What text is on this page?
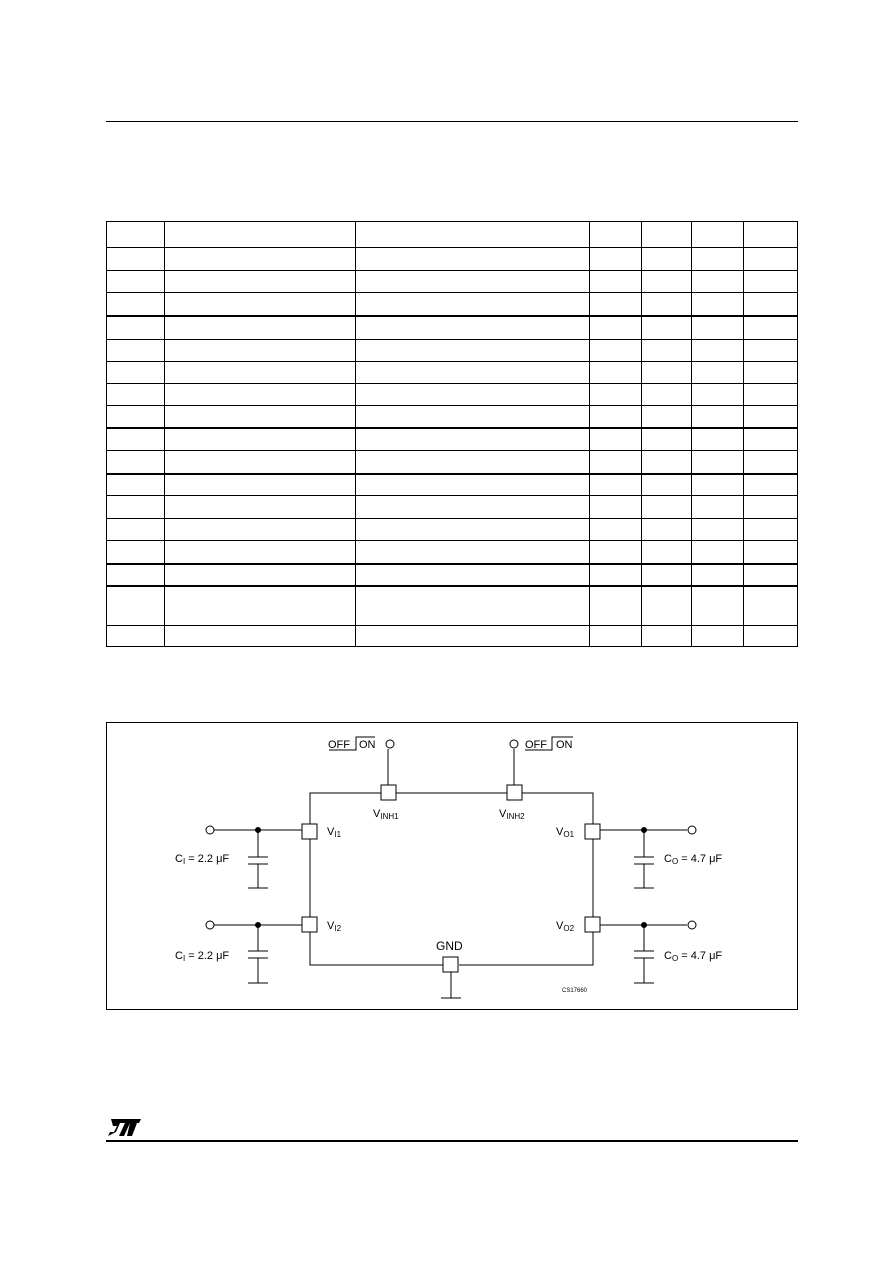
OFF ON	OFF ON
VINH1	VINH2
VI1
VI2
VO1
VO2
GND
CI = 2.2 μF
CI = 2.2 μF
CO = 4.7 μF
CO = 4.7 μF
CS17660
